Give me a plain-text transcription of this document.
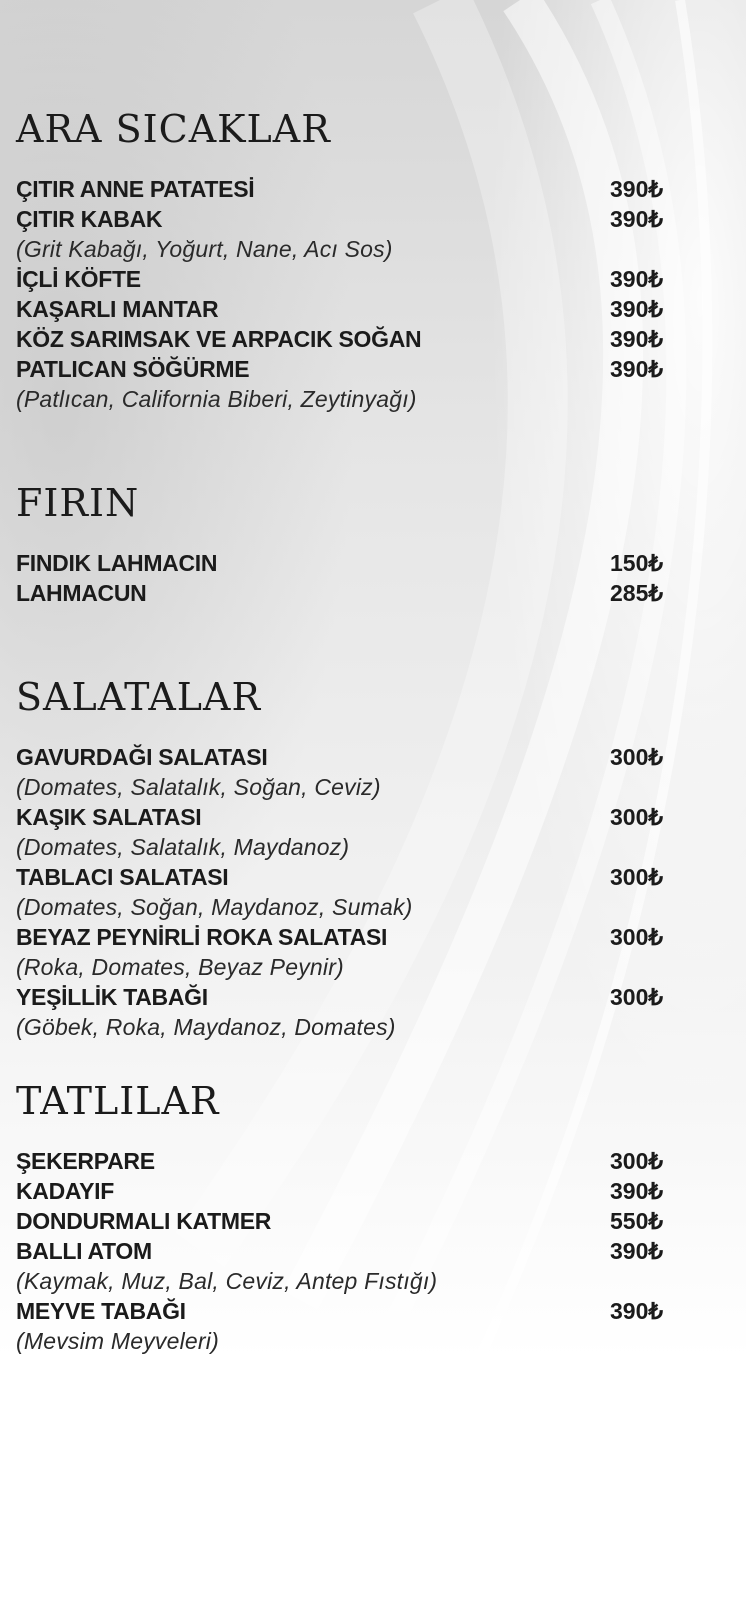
ARA SICAKLAR
ÇITIR ANNE PATATESİ	390₺
ÇITIR KABAK	390₺
(Grit Kabağı, Yoğurt, Nane, Acı Sos)
İÇLİ KÖFTE	390₺
KAŞARLI MANTAR	390₺
KÖZ SARIMSAK VE ARPACIK SOĞAN	390₺
PATLICAN SÖĞÜRME	390₺
(Patlıcan, California Biberi, Zeytinyağı)
FIRIN
FINDIK LAHMACIN	150₺
LAHMACUN	285₺
SALATALAR
GAVURDAĞI SALATASI	300₺
(Domates, Salatalık, Soğan, Ceviz)
KAŞIK SALATASI	300₺
(Domates, Salatalık, Maydanoz)
TABLACI SALATASI	300₺
(Domates, Soğan, Maydanoz, Sumak)
BEYAZ PEYNİRLİ ROKA SALATASI	300₺
(Roka, Domates, Beyaz Peynir)
YEŞİLLİK TABAĞI	300₺
(Göbek, Roka, Maydanoz, Domates)
TATLILAR
ŞEKERPARE	300₺
KADAYIF	390₺
DONDURMALI KATMER	550₺
BALLI ATOM	390₺
(Kaymak, Muz, Bal, Ceviz, Antep Fıstığı)
MEYVE TABAĞI	390₺
(Mevsim Meyveleri)
